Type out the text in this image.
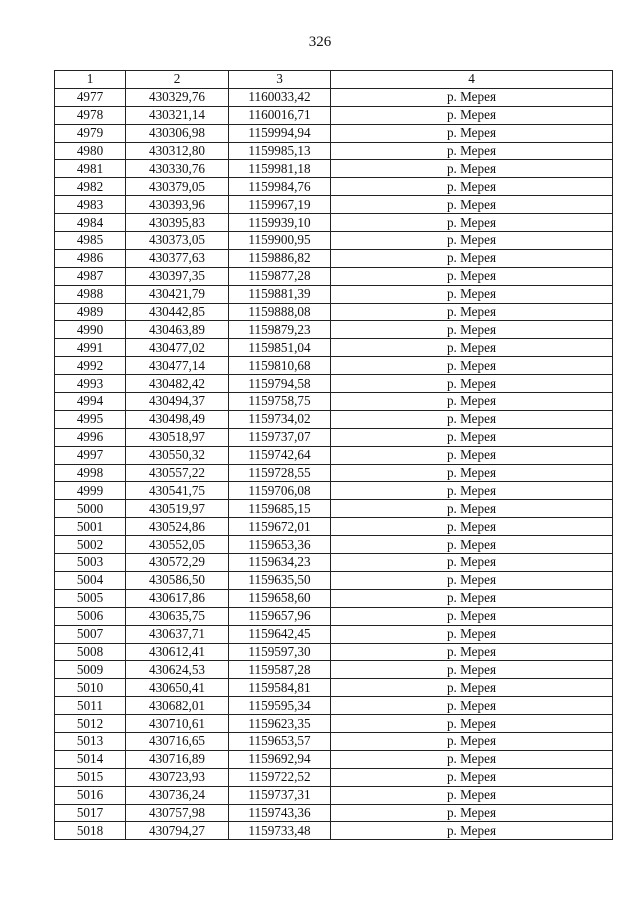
326
1	2	3	4
4977	430329,76	1160033,42	р. Мерея
4978	430321,14	1160016,71	р. Мерея
4979	430306,98	1159994,94	р. Мерея
4980	430312,80	1159985,13	р. Мерея
4981	430330,76	1159981,18	р. Мерея
4982	430379,05	1159984,76	р. Мерея
4983	430393,96	1159967,19	р. Мерея
4984	430395,83	1159939,10	р. Мерея
4985	430373,05	1159900,95	р. Мерея
4986	430377,63	1159886,82	р. Мерея
4987	430397,35	1159877,28	р. Мерея
4988	430421,79	1159881,39	р. Мерея
4989	430442,85	1159888,08	р. Мерея
4990	430463,89	1159879,23	р. Мерея
4991	430477,02	1159851,04	р. Мерея
4992	430477,14	1159810,68	р. Мерея
4993	430482,42	1159794,58	р. Мерея
4994	430494,37	1159758,75	р. Мерея
4995	430498,49	1159734,02	р. Мерея
4996	430518,97	1159737,07	р. Мерея
4997	430550,32	1159742,64	р. Мерея
4998	430557,22	1159728,55	р. Мерея
4999	430541,75	1159706,08	р. Мерея
5000	430519,97	1159685,15	р. Мерея
5001	430524,86	1159672,01	р. Мерея
5002	430552,05	1159653,36	р. Мерея
5003	430572,29	1159634,23	р. Мерея
5004	430586,50	1159635,50	р. Мерея
5005	430617,86	1159658,60	р. Мерея
5006	430635,75	1159657,96	р. Мерея
5007	430637,71	1159642,45	р. Мерея
5008	430612,41	1159597,30	р. Мерея
5009	430624,53	1159587,28	р. Мерея
5010	430650,41	1159584,81	р. Мерея
5011	430682,01	1159595,34	р. Мерея
5012	430710,61	1159623,35	р. Мерея
5013	430716,65	1159653,57	р. Мерея
5014	430716,89	1159692,94	р. Мерея
5015	430723,93	1159722,52	р. Мерея
5016	430736,24	1159737,31	р. Мерея
5017	430757,98	1159743,36	р. Мерея
5018	430794,27	1159733,48	р. Мерея
